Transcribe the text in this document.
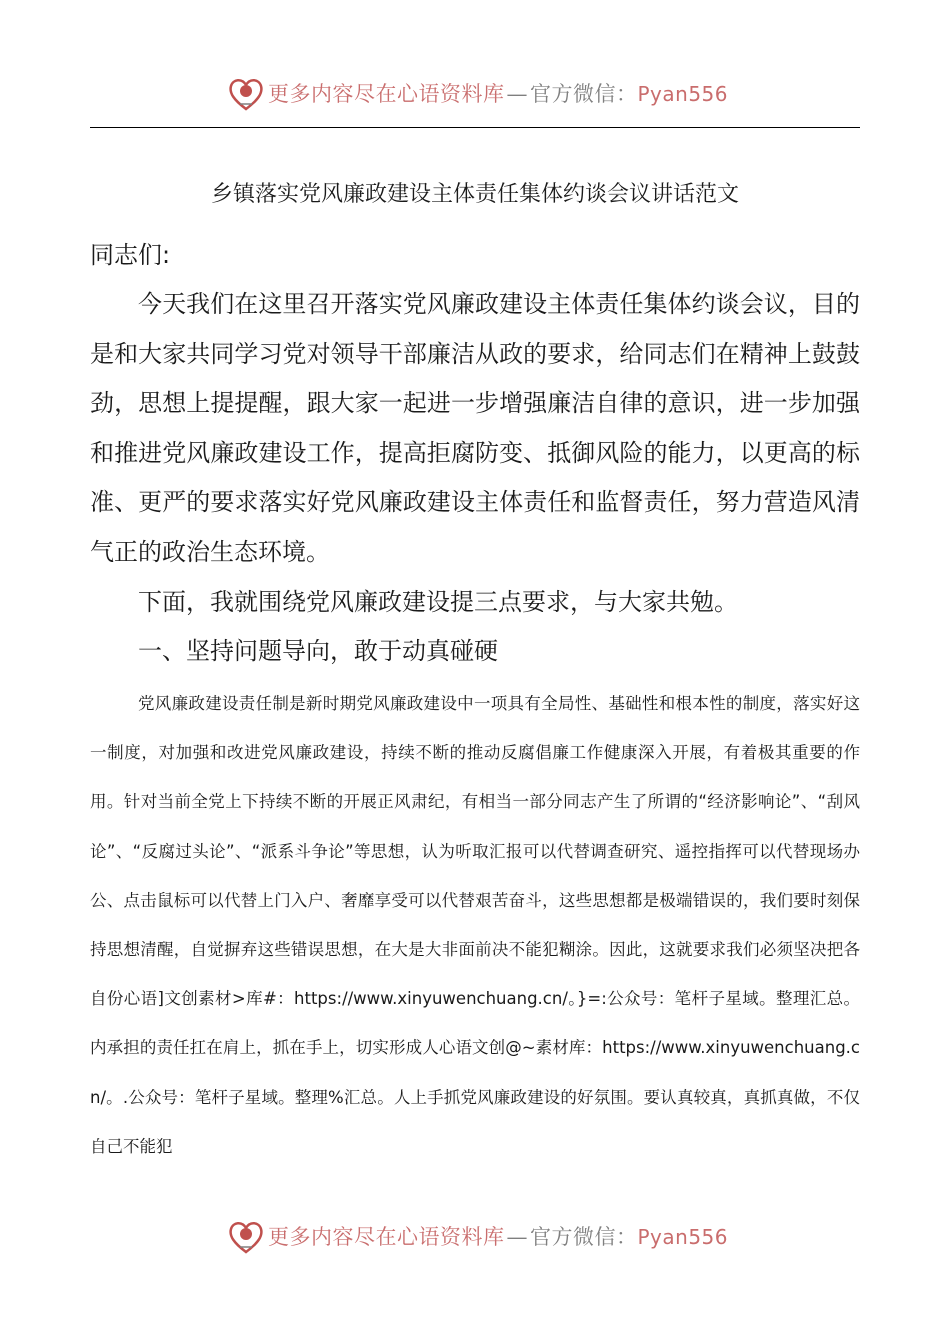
更多内容尽在心语资料库—官方微信：Pyan556
乡镇落实党风廉政建设主体责任集体约谈会议讲话范文
同志们:

今天我们在这里召开落实党风廉政建设主体责任集体约谈会议，目的是和大家共同学习党对领导干部廉洁从政的要求，给同志们在精神上鼓鼓劲，思想上提提醒，跟大家一起进一步增强廉洁自律的意识，进一步加强和推进党风廉政建设工作，提高拒腐防变、抵御风险的能力，以更高的标准、更严的要求落实好党风廉政建设主体责任和监督责任，努力营造风清气正的政治生态环境。

下面，我就围绕党风廉政建设提三点要求，与大家共勉。

一、坚持问题导向，敢于动真碰硬

党风廉政建设责任制是新时期党风廉政建设中一项具有全局性、基础性和根本性的制度，落实好这一制度，对加强和改进党风廉政建设，持续不断的推动反腐倡廉工作健康深入开展，有着极其重要的作用。针对当前全党上下持续不断的开展正风肃纪，有相当一部分同志产生了所谓的“经济影响论”、“刮风论”、“反腐过头论”、“派系斗争论”等思想，认为听取汇报可以代替调查研究、遥控指挥可以代替现场办公、点击鼠标可以代替上门入户、奢靡享受可以代替艰苦奋斗，这些思想都是极端错误的，我们要时刻保持思想清醒，自觉摒弃这些错误思想，在大是大非面前决不能犯糊涂。因此，这就要求我们必须坚决把各自份心语]文创素材>库#：https://www.xinyuwenchuang.cn/。}=:公众号：笔杆子星域。整理汇总。内承担的责任扛在肩上，抓在手上，切实形成人心语文创@~素材库：https://www.xinyuwenchuang.cn/。.公众号：笔杆子星域。整理%汇总。人上手抓党风廉政建设的好氛围。要认真较真，真抓真做，不仅自己不能犯

更多内容尽在心语资料库—官方微信：Pyan556
